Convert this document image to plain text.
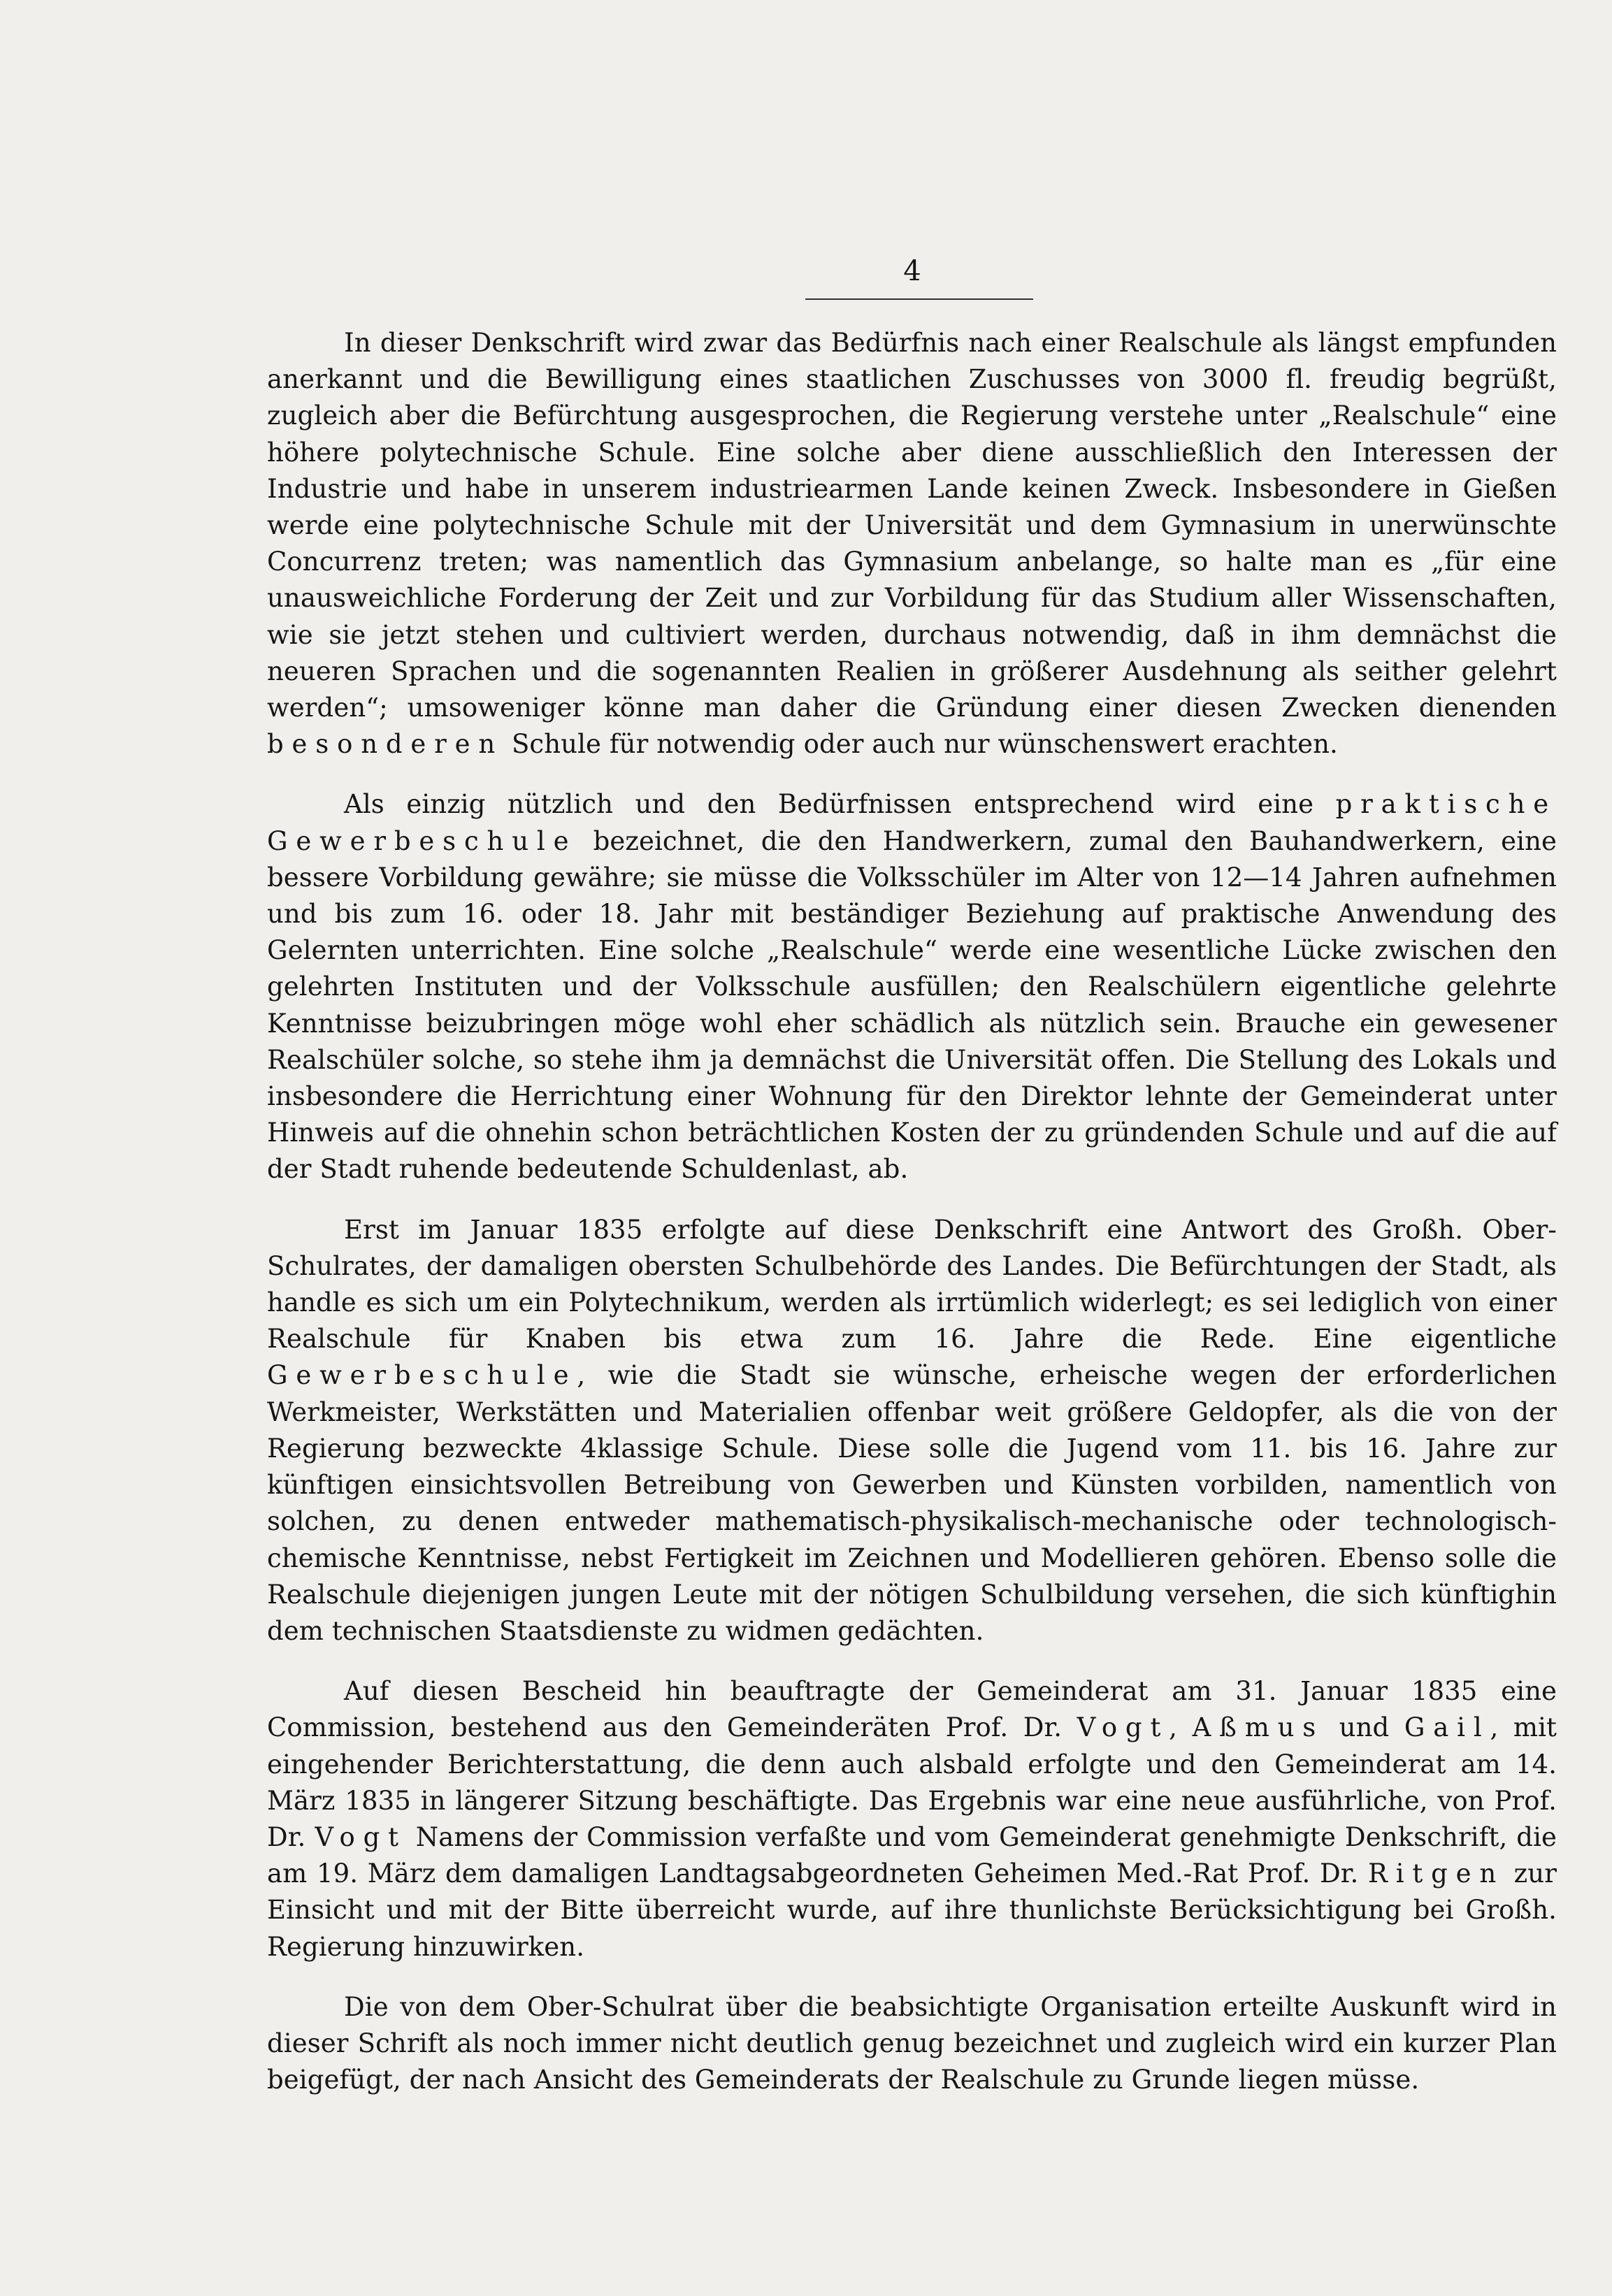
4

In dieser Denkschrift wird zwar das Bedürfnis nach einer Realschule als längst empfunden anerkannt und die Bewilligung eines staatlichen Zuschusses von 3000 fl. freudig begrüßt, zugleich aber die Befürchtung ausgesprochen, die Regierung verstehe unter „Realschule“ eine höhere polytechnische Schule. Eine solche aber diene ausschließlich den Interessen der Industrie und habe in unserem industriearmen Lande keinen Zweck. Insbesondere in Gießen werde eine polytechnische Schule mit der Universität und dem Gymnasium in unerwünschte Concurrenz treten; was namentlich das Gymnasium anbelange, so halte man es „für eine unausweichliche Forderung der Zeit und zur Vorbildung für das Studium aller Wissenschaften, wie sie jetzt stehen und cultiviert werden, durchaus notwendig, daß in ihm demnächst die neueren Sprachen und die sogenannten Realien in größerer Ausdehnung als seither gelehrt werden“; umsoweniger könne man daher die Gründung einer diesen Zwecken dienenden besonderen Schule für notwendig oder auch nur wünschenswert erachten.

Als einzig nützlich und den Bedürfnissen entsprechend wird eine praktische Gewerbeschule bezeichnet, die den Handwerkern, zumal den Bauhandwerkern, eine bessere Vorbildung gewähre; sie müsse die Volksschüler im Alter von 12—14 Jahren aufnehmen und bis zum 16. oder 18. Jahr mit beständiger Beziehung auf praktische Anwendung des Gelernten unterrichten. Eine solche „Realschule“ werde eine wesentliche Lücke zwischen den gelehrten Instituten und der Volksschule ausfüllen; den Realschülern eigentliche gelehrte Kenntnisse beizubringen möge wohl eher schädlich als nützlich sein. Brauche ein gewesener Realschüler solche, so stehe ihm ja demnächst die Universität offen. Die Stellung des Lokals und insbesondere die Herrichtung einer Wohnung für den Direktor lehnte der Gemeinderat unter Hinweis auf die ohnehin schon beträchtlichen Kosten der zu gründenden Schule und auf die auf der Stadt ruhende bedeutende Schuldenlast, ab.

Erst im Januar 1835 erfolgte auf diese Denkschrift eine Antwort des Großh. Ober-Schulrates, der damaligen obersten Schulbehörde des Landes. Die Befürchtungen der Stadt, als handle es sich um ein Polytechnikum, werden als irrtümlich widerlegt; es sei lediglich von einer Realschule für Knaben bis etwa zum 16. Jahre die Rede. Eine eigentliche Gewerbeschule, wie die Stadt sie wünsche, erheische wegen der erforderlichen Werkmeister, Werkstätten und Materialien offenbar weit größere Geldopfer, als die von der Regierung bezweckte 4klassige Schule. Diese solle die Jugend vom 11. bis 16. Jahre zur künftigen einsichtsvollen Betreibung von Gewerben und Künsten vorbilden, namentlich von solchen, zu denen entweder mathematisch-physikalisch-mechanische oder technologisch-chemische Kenntnisse, nebst Fertigkeit im Zeichnen und Modellieren gehören. Ebenso solle die Realschule diejenigen jungen Leute mit der nötigen Schulbildung versehen, die sich künftighin dem technischen Staatsdienste zu widmen gedächten.

Auf diesen Bescheid hin beauftragte der Gemeinderat am 31. Januar 1835 eine Commission, bestehend aus den Gemeinderäten Prof. Dr. Vogt, Aßmus und Gail, mit eingehender Berichterstattung, die denn auch alsbald erfolgte und den Gemeinderat am 14. März 1835 in längerer Sitzung beschäftigte. Das Ergebnis war eine neue ausführliche, von Prof. Dr. Vogt Namens der Commission verfaßte und vom Gemeinderat genehmigte Denkschrift, die am 19. März dem damaligen Landtagsabgeordneten Geheimen Med.-Rat Prof. Dr. Ritgen zur Einsicht und mit der Bitte überreicht wurde, auf ihre thunlichste Berücksichtigung bei Großh. Regierung hinzuwirken.

Die von dem Ober-Schulrat über die beabsichtigte Organisation erteilte Auskunft wird in dieser Schrift als noch immer nicht deutlich genug bezeichnet und zugleich wird ein kurzer Plan beigefügt, der nach Ansicht des Gemeinderats der Realschule zu Grunde liegen müsse.
